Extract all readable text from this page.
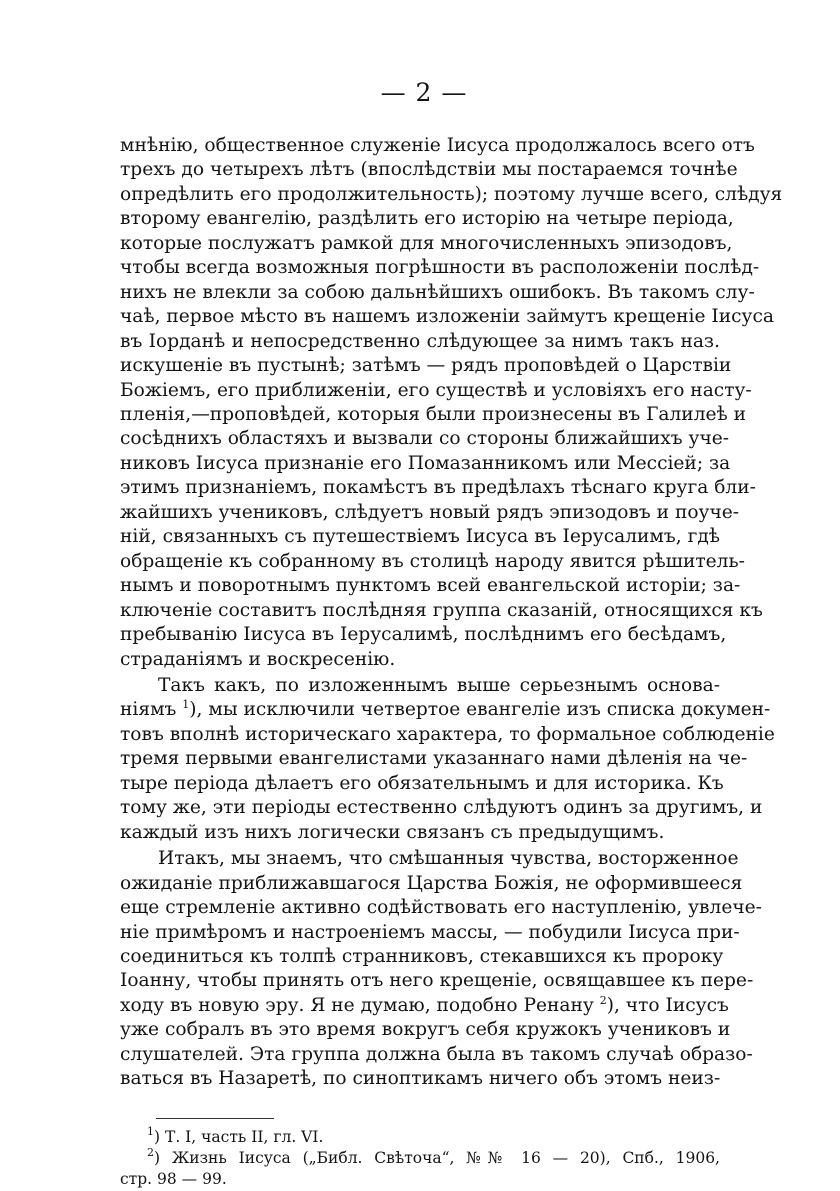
— 2 —
мнѣнію, общественное служеніе Іисуса продолжалось всего отъ
трехъ до четырехъ лѣтъ (впослѣдствіи мы постараемся точнѣе
опредѣлить его продолжительность); поэтому лучше всего, слѣдуя
второму евангелію, раздѣлить его исторію на четыре періода,
которые послужатъ рамкой для многочисленныхъ эпизодовъ,
чтобы всегда возможныя погрѣшности въ расположеніи послѣд-
нихъ не влекли за собою дальнѣйшихъ ошибокъ. Въ такомъ слу-
чаѣ, первое мѣсто въ нашемъ изложеніи займутъ крещеніе Іисуса
въ Іорданѣ и непосредственно слѣдующее за нимъ такъ наз.
искушеніе въ пустынѣ; затѣмъ — рядъ проповѣдей о Царствіи
Божіемъ, его приближеніи, его существѣ и условіяхъ его насту-
пленія,—проповѣдей, которыя были произнесены въ Галилеѣ и
сосѣднихъ областяхъ и вызвали со стороны ближайшихъ уче-
никовъ Іисуса признаніе его Помазанникомъ или Мессіей; за
этимъ признаніемъ, покамѣстъ въ предѣлахъ тѣснаго круга бли-
жайшихъ учениковъ, слѣдуетъ новый рядъ эпизодовъ и поуче-
ній, связанныхъ съ путешествіемъ Іисуса въ Іерусалимъ, гдѣ
обращеніе къ собранному въ столицѣ народу явится рѣшитель-
нымъ и поворотнымъ пунктомъ всей евангельской исторіи; за-
ключеніе составитъ послѣдняя группа сказаній, относящихся къ
пребыванію Іисуса въ Іерусалимѣ, послѣднимъ его бесѣдамъ,
страданіямъ и воскресенію.
Такъ какъ, по изложеннымъ выше серьезнымъ основа-
ніямъ $^1$), мы исключили четвертое евангеліе изъ списка докумен-
товъ вполнѣ историческаго характера, то формальное соблюденіе
тремя первыми евангелистами указаннаго нами дѣленія на че-
тыре періода дѣлаетъ его обязательнымъ и для историка. Къ
тому же, эти періоды естественно слѣдуютъ одинъ за другимъ, и
каждый изъ нихъ логически связанъ съ предыдущимъ.
Итакъ, мы знаемъ, что смѣшанныя чувства, восторженное
ожиданіе приближавшагося Царства Божія, не оформившееся
еще стремленіе активно содѣйствовать его наступленію, увлече-
ніе примѣромъ и настроеніемъ массы, — побудили Іисуса при-
соединиться къ толпѣ странниковъ, стекавшихся къ пророку
Іоанну, чтобы принять отъ него крещеніе, освящавшее къ пере-
ходу въ новую эру. Я не думаю, подобно Ренану $^2$), что Іисусъ
уже собралъ въ это время вокругъ себя кружокъ учениковъ и
слушателей. Эта группа должна была въ такомъ случаѣ образо-
ваться въ Назаретѣ, по синоптикамъ ничего объ этомъ неиз-
$^1$) Т. I, часть II, гл. VI.
$^2$) Жизнь Іисуса („Библ. Свѣточа“, №№ 16 — 20), Спб., 1906,
стр. 98 — 99.
